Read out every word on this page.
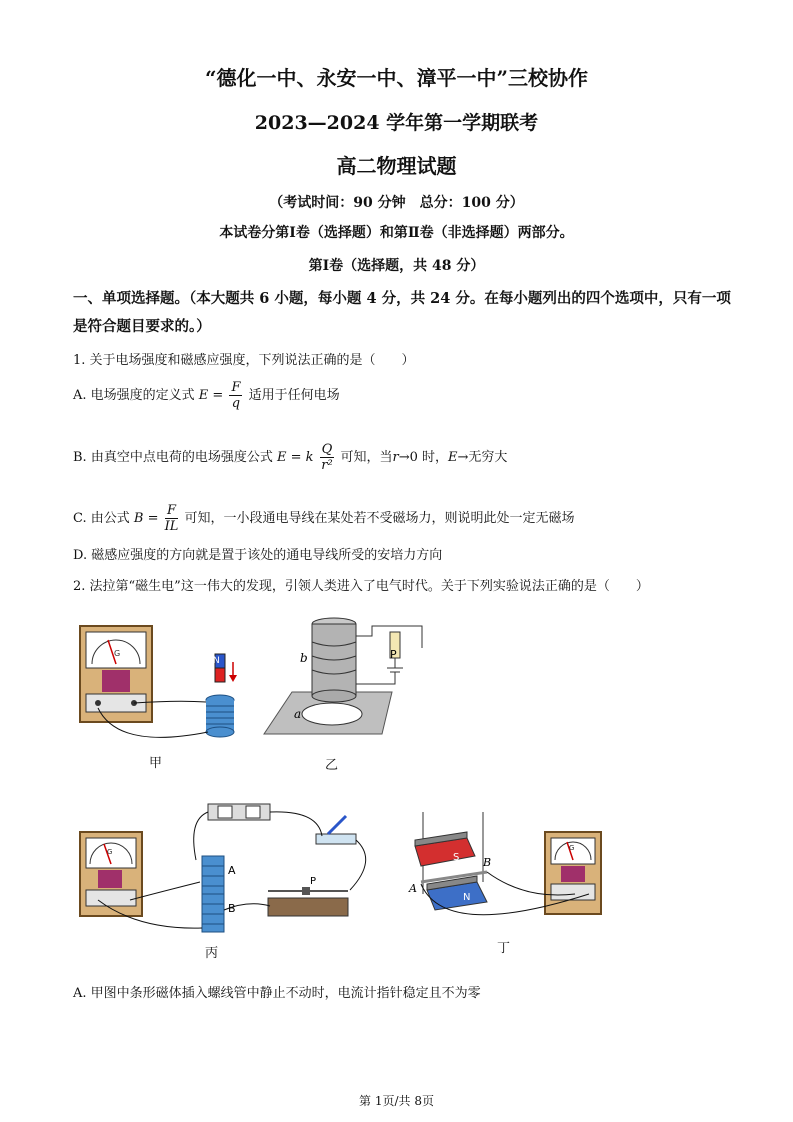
“德化一中、永安一中、漳平一中”三校协作
2023—2024 学年第一学期联考
高二物理试题
（考试时间：90 分钟　总分：100 分）
本试卷分第Ⅰ卷（选择题）和第Ⅱ卷（非选择题）两部分。
第Ⅰ卷（选择题，共 48 分）
一、单项选择题。（本大题共 6 小题，每小题 4 分，共 24 分。在每小题列出的四个选项中，只有一项是符合题目要求的。）
1. 关于电场强度和磁感应强度，下列说法正确的是（　　）
A. 电场强度的定义式 $E = \frac{F}{q}$ 适用于任何电场
B. 由真空中点电荷的电场强度公式 E = k $\frac{Q}{\text{r²}}$ 可知，当r→0 时，E→无穷大
C. 由公式 $B = \frac{F}{IL}$ 可知，一小段通电导线在某处若不受磁场力，则说明此处一定无磁场
D. 磁感应强度的方向就是置于该处的通电导线所受的安培力方向
2. 法拉第“磁生电”这一伟大的发现，引领人类进入了电气时代。关于下列实验说法正确的是（　　）
S
N
G
甲
b
a
P
乙
G
A
B
P
丙
S
N
B
A
G
丁
A. 甲图中条形磁体插入螺线管中静止不动时，电流计指针稳定且不为零
第 1页/共 8页
